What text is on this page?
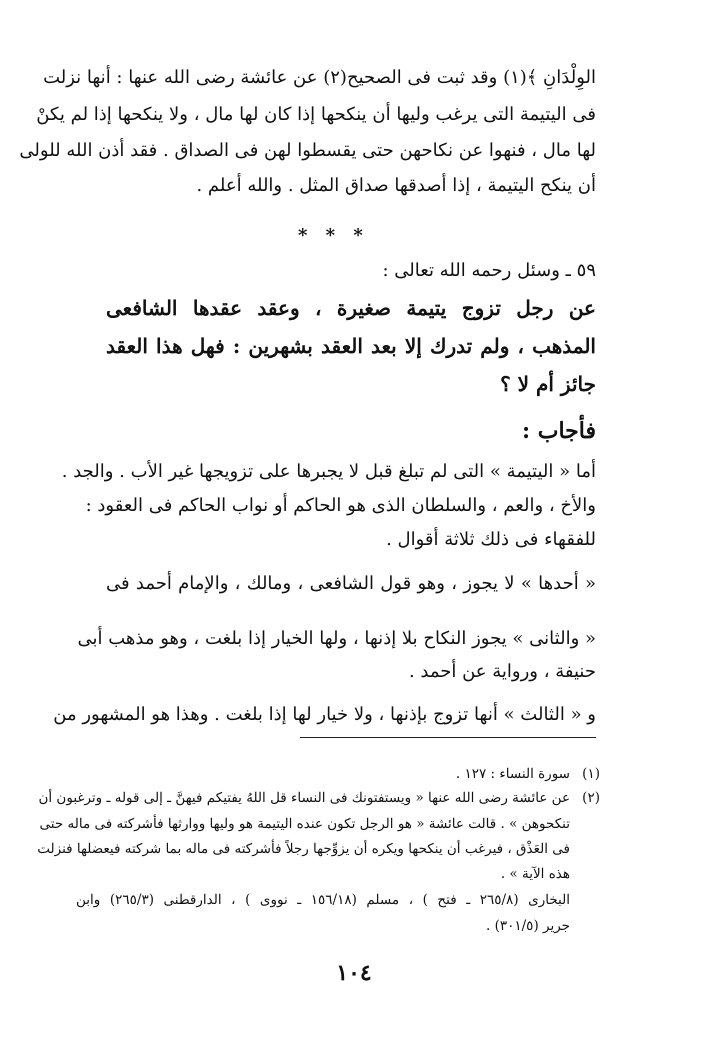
الوِلْدَانِ ﴾(١) وقد ثبت فى الصحيح(٢) عن عائشة رضى الله عنها : أنها نزلت
فى اليتيمة التى يرغب وليها أن ينكحها إذا كان لها مال ، ولا ينكحها إذا لم يكنْ
لها مال ، فنهوا عن نكاحهن حتى يقسطوا لهن فى الصداق . فقد أذن الله للولى
أن ينكح اليتيمة ، إذا أصدقها صداق المثل . والله أعلم .
* * *
٥٩ ـ وسئل رحمه الله تعالى :
عن رجل تزوج يتيمة صغيرة ، وعقد عقدها الشافعى
المذهب ، ولم تدرك إلا بعد العقد بشهرين : فهل هذا العقد
جائز أم لا ؟
فأجاب :
أما « اليتيمة » التى لم تبلغ قبل لا يجبرها على تزويجها غير الأب . والجد .
والأخ ، والعم ، والسلطان الذى هو الحاكم أو نواب الحاكم فى العقود :
للفقهاء فى ذلك ثلاثة أقوال .
« أحدها » لا يجوز ، وهو قول الشافعى ، ومالك ، والإمام أحمد فى
« والثانى » يجوز النكاح بلا إذنها ، ولها الخيار إذا بلغت ، وهو مذهب أبى
حنيفة ، ورواية عن أحمد .
و « الثالث » أنها تزوج بإذنها ، ولا خيار لها إذا بلغت . وهذا هو المشهور من
(١)
سورة النساء : ١٢٧ .
(٢)
عن عائشة رضى الله عنها « ويستفتونك فى النساء قل اللهُ يفتيكم فيهنَّ ـ إلى قوله ـ وترغبون أن
تنكحوهن » . قالت عائشة « هو الرجل تكون عنده اليتيمة هو وليها ووارثها فأشركته فى ماله حتى
فى العَذْق ، فيرغب أن ينكحها ويكره أن يزوِّجها رجلاً فأشركته فى ماله بما شركته فيعضلها فنزلت
هذه الآية » .
البخارى (٢٦٥/٨ ـ فتح ) ، مسلم (١٥٦/١٨ ـ نووى ) ، الدارقطنى (٢٦٥/٣) وابن
جرير (٣٠١/٥) .
١٠٤
